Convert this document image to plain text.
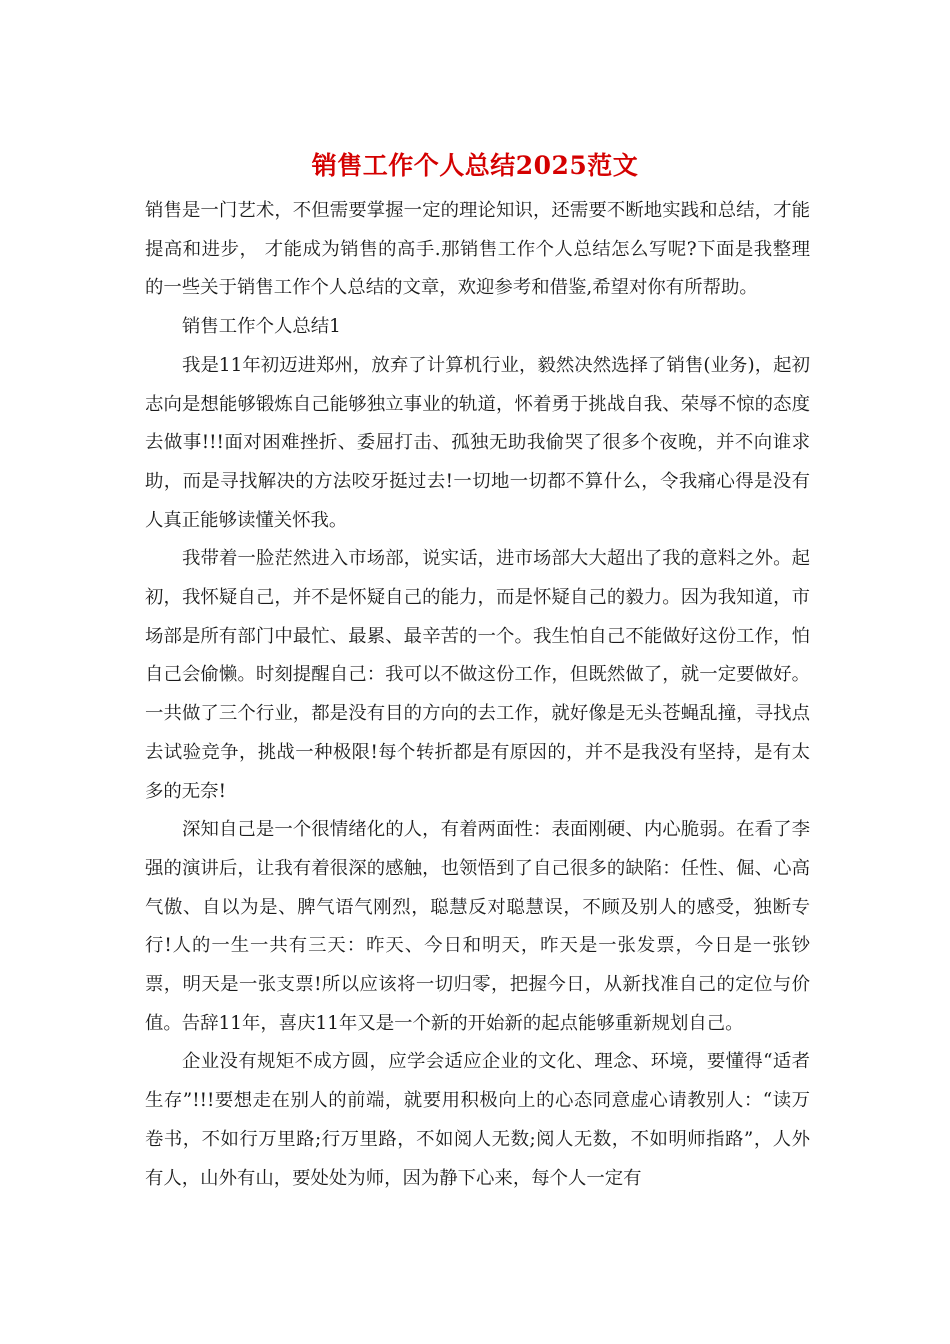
销售工作个人总结2025范文

销售是一门艺术，不但需要掌握一定的理论知识，还需要不断地实践和总结，才能提高和进步， 才能成为销售的高手.那销售工作个人总结怎么写呢?下面是我整理的一些关于销售工作个人总结的文章，欢迎参考和借鉴,希望对你有所帮助。

销售工作个人总结1

我是11年初迈进郑州，放弃了计算机行业，毅然决然选择了销售(业务)，起初志向是想能够锻炼自己能够独立事业的轨道，怀着勇于挑战自我、荣辱不惊的态度去做事!!!面对困难挫折、委屈打击、孤独无助我偷哭了很多个夜晚，并不向谁求助，而是寻找解决的方法咬牙挺过去!一切地一切都不算什么，令我痛心得是没有人真正能够读懂关怀我。

我带着一脸茫然进入市场部，说实话，进市场部大大超出了我的意料之外。起初，我怀疑自己，并不是怀疑自己的能力，而是怀疑自己的毅力。因为我知道，市场部是所有部门中最忙、最累、最辛苦的一个。我生怕自己不能做好这份工作，怕自己会偷懒。时刻提醒自己：我可以不做这份工作，但既然做了，就一定要做好。一共做了三个行业，都是没有目的方向的去工作，就好像是无头苍蝇乱撞，寻找点去试验竞争，挑战一种极限!每个转折都是有原因的，并不是我没有坚持，是有太多的无奈!

深知自己是一个很情绪化的人，有着两面性：表面刚硬、内心脆弱。在看了李强的演讲后，让我有着很深的感触，也领悟到了自己很多的缺陷：任性、倔、心高气傲、自以为是、脾气语气刚烈，聪慧反对聪慧误，不顾及别人的感受，独断专行!人的一生一共有三天：昨天、今日和明天，昨天是一张发票，今日是一张钞票，明天是一张支票!所以应该将一切归零，把握今日，从新找准自己的定位与价值。告辞11年，喜庆11年又是一个新的开始新的起点能够重新规划自己。

企业没有规矩不成方圆，应学会适应企业的文化、理念、环境，要懂得“适者生存”!!!要想走在别人的前端，就要用积极向上的心态同意虚心请教别人：“读万卷书，不如行万里路;行万里路，不如阅人无数;阅人无数，不如明师指路”，人外有人，山外有山，要处处为师，因为静下心来，每个人一定有
